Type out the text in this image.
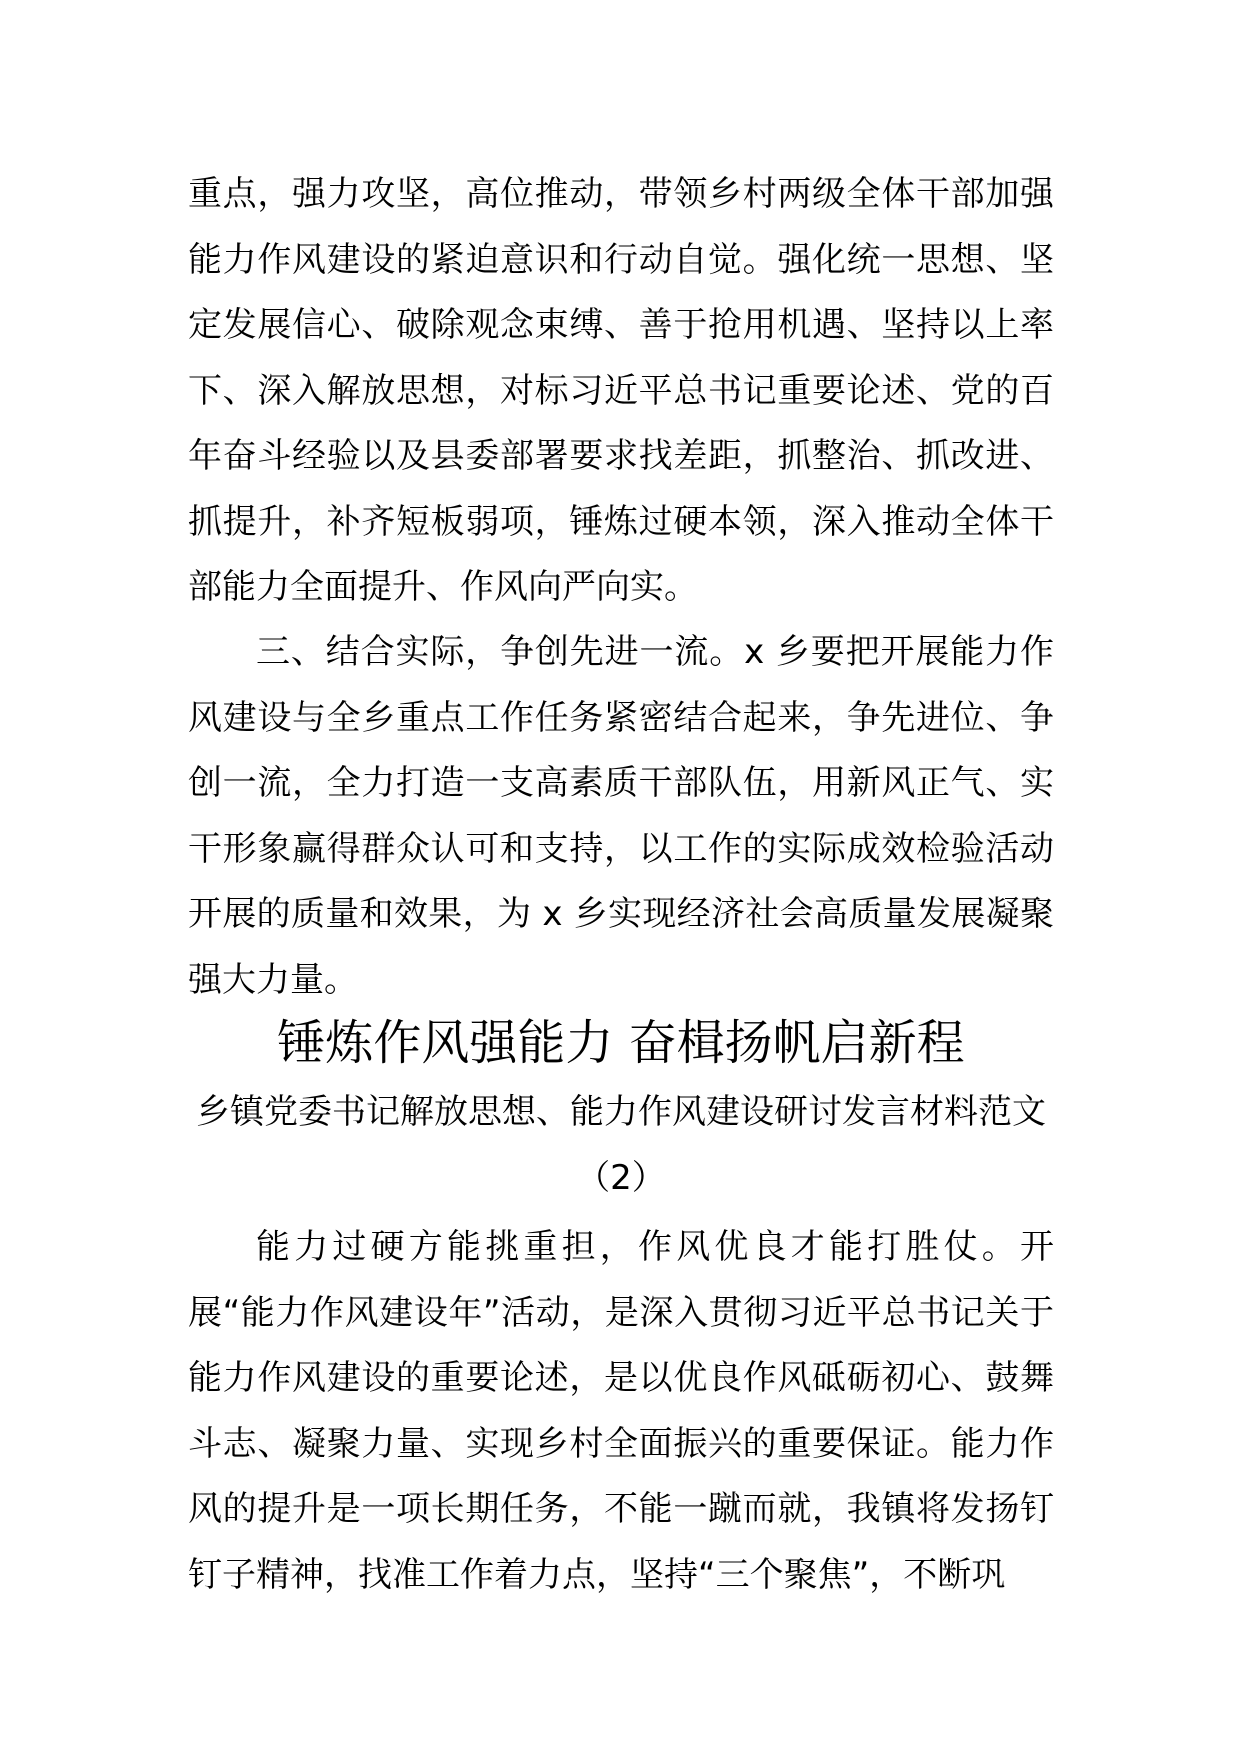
重点，强力攻坚，高位推动，带领乡村两级全体干部加强能力作风建设的紧迫意识和行动自觉。强化统一思想、坚定发展信心、破除观念束缚、善于抢用机遇、坚持以上率下、深入解放思想，对标习近平总书记重要论述、党的百年奋斗经验以及县委部署要求找差距，抓整治、抓改进、抓提升，补齐短板弱项，锤炼过硬本领，深入推动全体干部能力全面提升、作风向严向实。
三、结合实际，争创先进一流。x 乡要把开展能力作风建设与全乡重点工作任务紧密结合起来，争先进位、争创一流，全力打造一支高素质干部队伍，用新风正气、实干形象赢得群众认可和支持，以工作的实际成效检验活动开展的质量和效果，为 x 乡实现经济社会高质量发展凝聚强大力量。
锤炼作风强能力 奋楫扬帆启新程
乡镇党委书记解放思想、能力作风建设研讨发言材料范文
（2）
能力过硬方能挑重担，作风优良才能打胜仗。开展“能力作风建设年”活动，是深入贯彻习近平总书记关于能力作风建设的重要论述，是以优良作风砥砺初心、鼓舞斗志、凝聚力量、实现乡村全面振兴的重要保证。能力作风的提升是一项长期任务，不能一蹴而就，我镇将发扬钉钉子精神，找准工作着力点，坚持“三个聚焦”，不断巩
